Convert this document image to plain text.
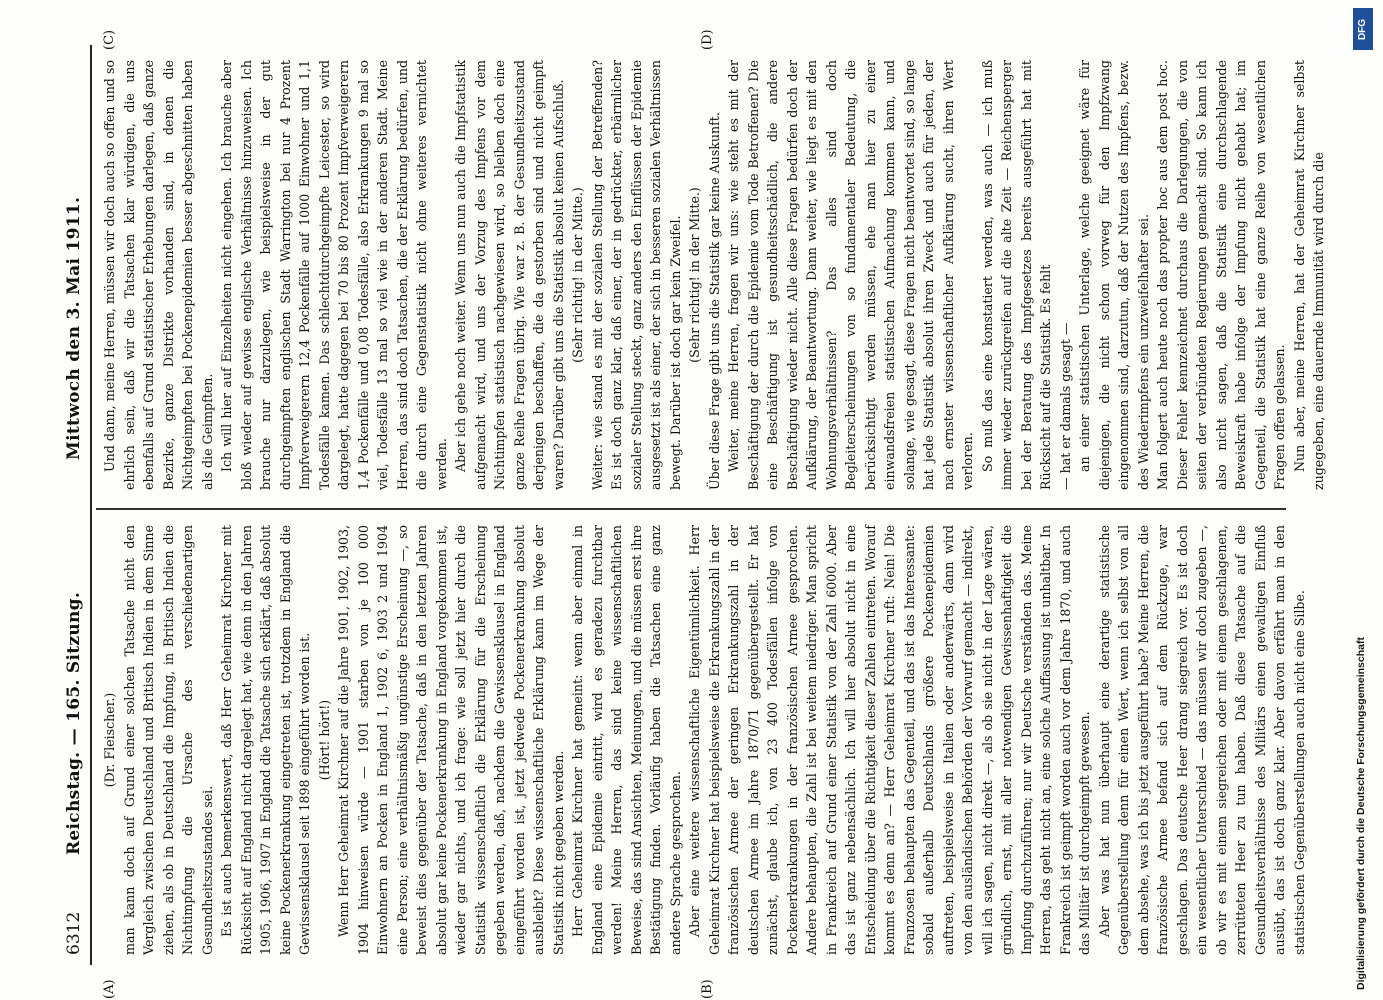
6312
Reichstag. — 165. Sitzung.
Mittwoch den 3. Mai 1911.
(A)	(B)
(C)	(D)

(Dr. Fleischer.) man kann doch auf Grund einer solchen Tatsache nicht den Vergleich zwischen Deutschland und Britisch Indien in dem Sinne ziehen, als ob in Deutschland die Impfung, in Britisch Indien die Nichtimpfung die Ursache des verschiedenartigen Gesundheitszustandes sei. Es ist auch bemerkenswert, daß Herr Geheimrat Kirchner mit Rücksicht auf England nicht dargelegt hat, wie denn in den Jahren 1905, 1906, 1907 in England die Tatsache sich erklärt, daß absolut keine Pockenerkrankung eingetreten ist, trotzdem in England die Gewissensklausel seit 1898 eingeführt worden ist. (Hört! hört!) Wenn Herr Geheimrat Kirchner auf die Jahre 1901, 1902, 1903, 1904 hinweisen würde — 1901 starben von je 100 000 Einwohnern an Pocken in England 1, 1902 6, 1903 2 und 1904 eine Person; eine verhältnismäßig ungünstige Erscheinung —, so beweist dies gegenüber der Tatsache, daß in den letzten Jahren absolut gar keine Pockenerkrankung in England vorgekommen ist, wieder gar nichts, und ich frage: wie soll jetzt hier durch die Statistik wissenschaftlich die Erklärung für die Erscheinung gegeben werden, daß, nachdem die Gewissensklausel in England eingeführt worden ist, jetzt jedwede Pockenerkrankung absolut ausbleibt? Diese wissenschaftliche Erklärung kann im Wege der Statistik nicht gegeben werden. Herr Geheimrat Kirchner hat gemeint: wenn aber einmal in England eine Epidemie eintritt, wird es geradezu furchtbar werden! Meine Herren, das sind keine wissenschaftlichen Beweise, das sind Ansichten, Meinungen, und die müssen erst ihre Bestätigung finden. Vorläufig haben die Tatsachen eine ganz andere Sprache gesprochen. Aber eine weitere wissenschaftliche Eigentümlichkeit. Herr Geheimrat Kirchner hat beispielsweise die Erkrankungszahl in der französischen Armee der geringen Erkrankungszahl in der deutschen Armee im Jahre 1870/71 gegenübergestellt. Er hat zunächst, glaube ich, von 23 400 Todesfällen infolge von Pockenerkrankungen in der französischen Armee gesprochen. Andere behaupten, die Zahl ist bei weitem niedriger. Man spricht in Frankreich auf Grund einer Statistik von der Zahl 6000. Aber das ist ganz nebensächlich. Ich will hier absolut nicht in eine Entscheidung über die Richtigkeit dieser Zahlen eintreten. Worauf kommt es denn an? — Herr Geheimrat Kirchner ruft: Nein! Die Franzosen behaupten das Gegenteil, und das ist das Interessante: sobald außerhalb Deutschlands größere Pockenepidemien auftreten, beispielsweise in Italien oder anderwärts, dann wird von den ausländischen Behörden der Vorwurf gemacht — indirekt, will ich sagen, nicht direkt —, als ob sie nicht in der Lage wären, gründlich, ernst, mit aller notwendigen Gewissenhaftigkeit die Impfung durchzuführen; nur wir Deutsche verständen das. Meine Herren, das geht nicht an, eine solche Auffassung ist unhaltbar. In Frankreich ist geimpft worden auch vor dem Jahre 1870, und auch das Militär ist durchgeimpft gewesen. Aber was hat nun überhaupt eine derartige statistische Gegenüberstellung denn für einen Wert, wenn ich selbst von all dem absehe, was ich bis jetzt ausgeführt habe? Meine Herren, die französische Armee befand sich auf dem Rückzuge, war geschlagen. Das deutsche Heer drang siegreich vor. Es ist doch ein wesentlicher Unterschied — das müssen wir doch zugeben —, ob wir es mit einem siegreichen oder mit einem geschlagenen, zerrütteten Heer zu tun haben. Daß diese Tatsache auf die Gesundheitsverhältnisse des Militärs einen gewaltigen Einfluß ausübt, das ist doch ganz klar. Aber davon erfährt man in den statistischen Gegenüberstellungen auch nicht eine Silbe.

Und dann, meine Herren, müssen wir doch auch so offen und so ehrlich sein, daß wir die Tatsachen klar würdigen, die uns ebenfalls auf Grund statistischer Erhebungen darlegen, daß ganze Bezirke, ganze Distrikte vorhanden sind, in denen die Nichtgeimpften bei Pockenepidemien besser abgeschnitten haben als die Geimpften. Ich will hier auf Einzelheiten nicht eingehen. Ich brauche aber bloß wieder auf gewisse englische Verhältnisse hinzuweisen. Ich brauche nur darzulegen, wie beispielsweise in der gut durchgeimpften englischen Stadt Warrington bei nur 4 Prozent Impfverweigerern 12,4 Pockenfälle auf 1000 Einwohner und 1,1 Todesfälle kamen. Das schlechtdurchgeimpfte Leicester, so wird dargelegt, hatte dagegen bei 70 bis 80 Prozent Impfverweigerern 1,4 Pockenfälle und 0,08 Todesfälle, also Erkrankungen 9 mal so viel, Todesfälle 13 mal so viel wie in der anderen Stadt. Meine Herren, das sind doch Tatsachen, die der Erklärung bedürfen, und die durch eine Gegenstatistik nicht ohne weiteres vernichtet werden. Aber ich gehe noch weiter. Wenn uns nun auch die Impfstatistik aufgemacht wird, und uns der Vorzug des Impfens vor dem Nichtimpfen statistisch nachgewiesen wird, so bleiben doch eine ganze Reihe Fragen übrig. Wie war z. B. der Gesundheitszustand derjenigen beschaffen, die da gestorben sind und nicht geimpft waren? Darüber gibt uns die Statistik absolut keinen Aufschluß. (Sehr richtig! in der Mitte.) Weiter: wie stand es mit der sozialen Stellung der Betreffenden? Es ist doch ganz klar, daß einer, der in gedrückter, erbärmlicher sozialer Stellung steckt, ganz anders den Einflüssen der Epidemie ausgesetzt ist als einer, der sich in besseren sozialen Verhältnissen bewegt. Darüber ist doch gar kein Zweifel. (Sehr richtig! in der Mitte.) Über diese Frage gibt uns die Statistik gar keine Auskunft. Weiter, meine Herren, fragen wir uns: wie steht es mit der Beschäftigung der durch die Epidemie vom Tode Betroffenen? Die eine Beschäftigung ist gesundheitsschädlich, die andere Beschäftigung wieder nicht. Alle diese Fragen bedürfen doch der Aufklärung, der Beantwortung. Dann weiter, wie liegt es mit den Wohnungsverhältnissen? Das alles sind doch Begleiterscheinungen von so fundamentaler Bedeutung, die berücksichtigt werden müssen, ehe man hier zu einer einwandsfreien statistischen Aufmachung kommen kann, und solange, wie gesagt, diese Fragen nicht beantwortet sind, so lange hat jede Statistik absolut ihren Zweck und auch für jeden, der nach ernster wissenschaftlicher Aufklärung sucht, ihren Wert verloren. So muß das eine konstatiert werden, was auch — ich muß immer wieder zurückgreifen auf die alte Zeit — Reichensperger bei der Beratung des Impfgesetzes bereits ausgeführt hat mit Rücksicht auf die Statistik. Es fehlt — hat er damals gesagt — an einer statistischen Unterlage, welche geeignet wäre für diejenigen, die nicht schon vorweg für den Impfzwang eingenommen sind, darzutun, daß der Nutzen des Impfens, bezw. des Wiederimpfens ein unzweifelhafter sei. Man folgert auch heute noch das propter hoc aus dem post hoc. Dieser Fehler kennzeichnet durchaus die Darlegungen, die von seiten der verbündeten Regierungen gemacht sind. So kann ich also nicht sagen, daß die Statistik eine durchschlagende Beweiskraft habe infolge der Impfung nicht gehabt hat; im Gegenteil, die Statistik hat eine ganze Reihe von wesentlichen Fragen offen gelassen. Nun aber, meine Herren, hat der Geheimrat Kirchner selbst zugegeben, eine dauernde Immunität wird durch die

DFG
Digitalisierung gefördert durch die Deutsche Forschungsgemeinschaft
